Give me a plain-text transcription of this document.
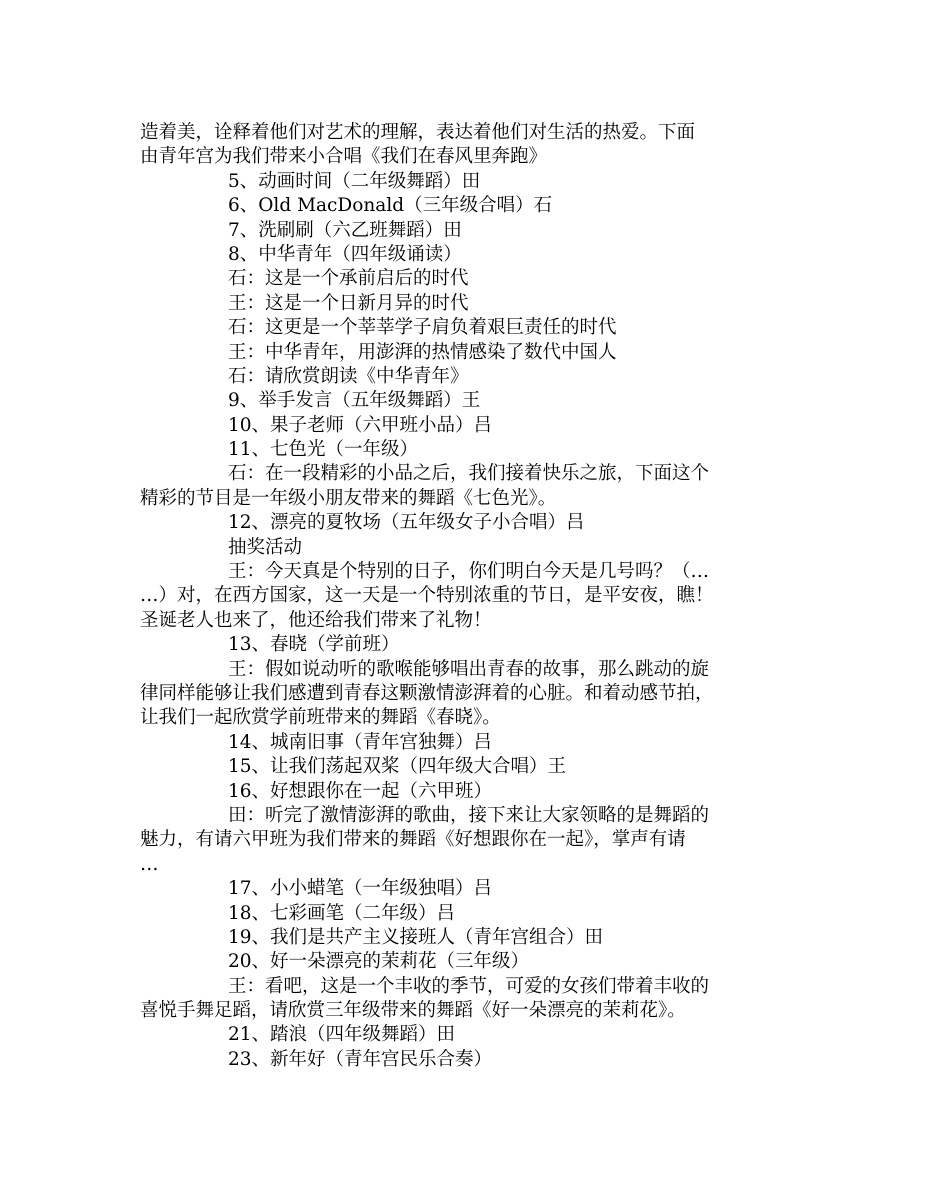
造着美，诠释着他们对艺术的理解，表达着他们对生活的热爱。下面
由青年宫为我们带来小合唱《我们在春风里奔跑》
5、动画时间（二年级舞蹈）田
6、Old MacDonald（三年级合唱）石
7、洗刷刷（六乙班舞蹈）田
8、中华青年（四年级诵读）
石：这是一个承前启后的时代
王：这是一个日新月异的时代
石：这更是一个莘莘学子肩负着艰巨责任的时代
王：中华青年，用澎湃的热情感染了数代中国人
石：请欣赏朗读《中华青年》
9、举手发言（五年级舞蹈）王
10、果子老师（六甲班小品）吕
11、七色光（一年级）
石：在一段精彩的小品之后，我们接着快乐之旅，下面这个
精彩的节目是一年级小朋友带来的舞蹈《七色光》。
12、漂亮的夏牧场（五年级女子小合唱）吕
抽奖活动
王：今天真是个特别的日子，你们明白今天是几号吗？（…
…）对，在西方国家，这一天是一个特别浓重的节日，是平安夜，瞧！
圣诞老人也来了，他还给我们带来了礼物！
13、春晓（学前班）
王：假如说动听的歌喉能够唱出青春的故事，那么跳动的旋
律同样能够让我们感遭到青春这颗激情澎湃着的心脏。和着动感节拍，
让我们一起欣赏学前班带来的舞蹈《春晓》。
14、城南旧事（青年宫独舞）吕
15、让我们荡起双桨（四年级大合唱）王
16、好想跟你在一起（六甲班）
田：听完了激情澎湃的歌曲，接下来让大家领略的是舞蹈的
魅力，有请六甲班为我们带来的舞蹈《好想跟你在一起》，掌声有请
…
17、小小蜡笔（一年级独唱）吕
18、七彩画笔（二年级）吕
19、我们是共产主义接班人（青年宫组合）田
20、好一朵漂亮的茉莉花（三年级）
王：看吧，这是一个丰收的季节，可爱的女孩们带着丰收的
喜悦手舞足蹈，请欣赏三年级带来的舞蹈《好一朵漂亮的茉莉花》。
21、踏浪（四年级舞蹈）田
23、新年好（青年宫民乐合奏）
